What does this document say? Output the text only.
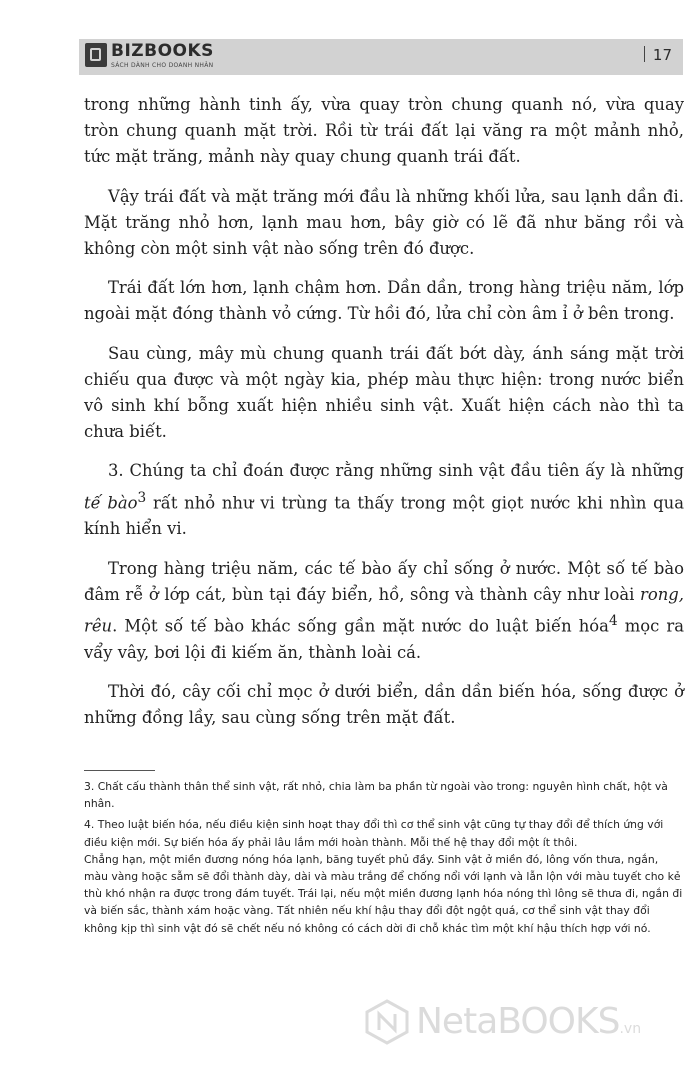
BIZBOOKS
SÁCH DÀNH CHO DOANH NHÂN
17

trong những hành tinh ấy, vừa quay tròn chung quanh nó, vừa quay tròn chung quanh mặt trời. Rồi từ trái đất lại văng ra một mảnh nhỏ, tức mặt trăng, mảnh này quay chung quanh trái đất.

Vậy trái đất và mặt trăng mới đầu là những khối lửa, sau lạnh dần đi. Mặt trăng nhỏ hơn, lạnh mau hơn, bây giờ có lẽ đã như băng rồi và không còn một sinh vật nào sống trên đó được.

Trái đất lớn hơn, lạnh chậm hơn. Dần dần, trong hàng triệu năm, lớp ngoài mặt đóng thành vỏ cứng. Từ hồi đó, lửa chỉ còn âm ỉ ở bên trong.

Sau cùng, mây mù chung quanh trái đất bớt dày, ánh sáng mặt trời chiếu qua được và một ngày kia, phép màu thực hiện: trong nước biển vô sinh khí bỗng xuất hiện nhiều sinh vật. Xuất hiện cách nào thì ta chưa biết.

3. Chúng ta chỉ đoán được rằng những sinh vật đầu tiên ấy là những tế bào$^3$ rất nhỏ như vi trùng ta thấy trong một giọt nước khi nhìn qua kính hiển vi.

Trong hàng triệu năm, các tế bào ấy chỉ sống ở nước. Một số tế bào đâm rễ ở lớp cát, bùn tại đáy biển, hồ, sông và thành cây như loài rong, rêu. Một số tế bào khác sống gần mặt nước do luật biến hóa$^4$ mọc ra vẩy vây, bơi lội đi kiếm ăn, thành loài cá.

Thời đó, cây cối chỉ mọc ở dưới biển, dần dần biến hóa, sống được ở những đồng lầy, sau cùng sống trên mặt đất.

3. Chất cấu thành thân thể sinh vật, rất nhỏ, chia làm ba phần từ ngoài vào trong: nguyên hình chất, hột và nhân.

4. Theo luật biến hóa, nếu điều kiện sinh hoạt thay đổi thì cơ thể sinh vật cũng tự thay đổi để thích ứng với điều kiện mới. Sự biến hóa ấy phải lâu lắm mới hoàn thành. Mỗi thế hệ thay đổi một ít thôi.

Chẳng hạn, một miền đương nóng hóa lạnh, băng tuyết phủ đầy. Sinh vật ở miền đó, lông vốn thưa, ngắn, màu vàng hoặc sẫm sẽ đổi thành dày, dài và màu trắng để chống nổi với lạnh và lẫn lộn với màu tuyết cho kẻ thù khó nhận ra được trong đám tuyết. Trái lại, nếu một miền đương lạnh hóa nóng thì lông sẽ thưa đi, ngắn đi và biến sắc, thành xám hoặc vàng. Tất nhiên nếu khí hậu thay đổi đột ngột quá, cơ thể sinh vật thay đổi không kịp thì sinh vật đó sẽ chết nếu nó không có cách dời đi chỗ khác tìm một khí hậu thích hợp với nó.

NetaBOOKS.vn
